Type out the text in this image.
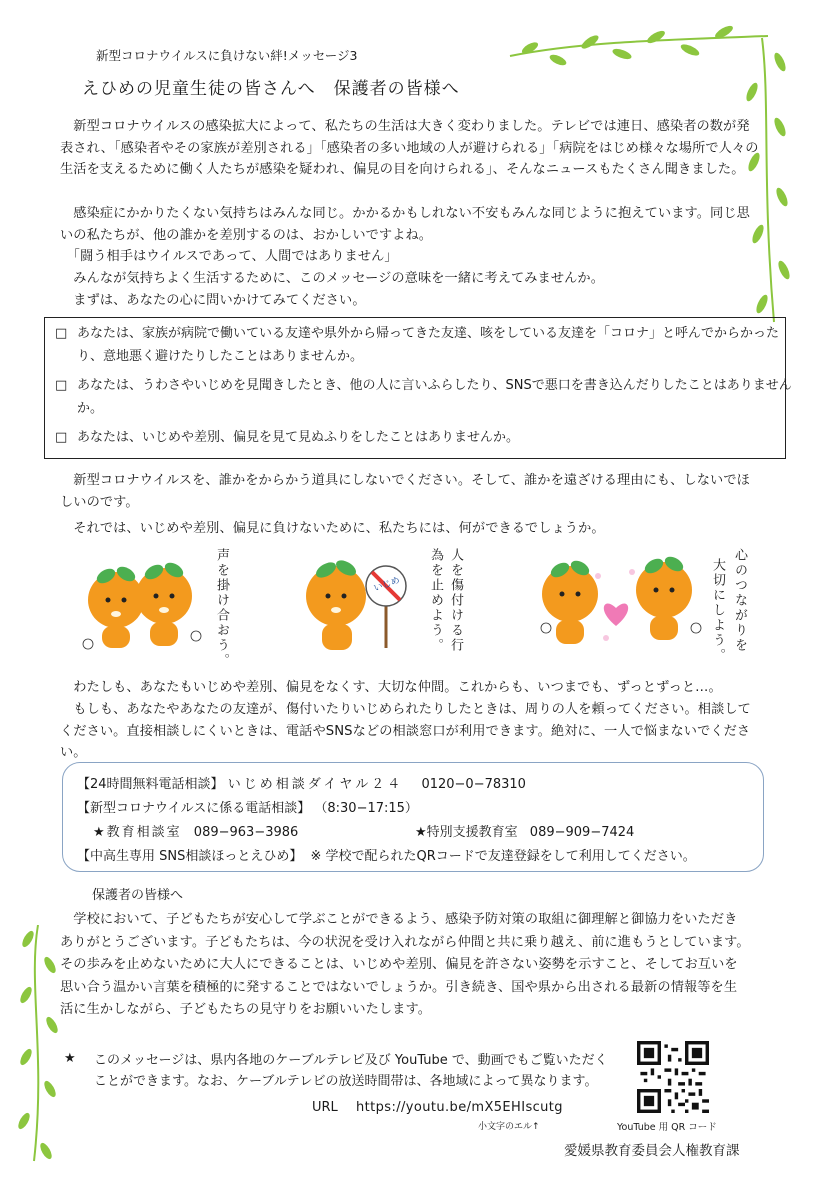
新型コロナウイルスに負けない絆!メッセージ3
えひめの児童生徒の皆さんへ　保護者の皆様へ
　新型コロナウイルスの感染拡大によって、私たちの生活は大きく変わりました。テレビでは連日、感染者の数が発表され、「感染者やその家族が差別される」「感染者の多い地域の人が避けられる」「病院をはじめ様々な場所で人々の生活を支えるために働く人たちが感染を疑われ、偏見の目を向けられる」、そんなニュースもたくさん聞きました。
　感染症にかかりたくない気持ちはみんな同じ。かかるかもしれない不安もみんな同じように抱えています。同じ思いの私たちが、他の誰かを差別するのは、おかしいですよね。
　「闘う相手はウイルスであって、人間ではありません」
　みんなが気持ちよく生活するために、このメッセージの意味を一緒に考えてみませんか。
　まずは、あなたの心に問いかけてみてください。
□ あなたは、家族が病院で働いている友達や県外から帰ってきた友達、咳をしている友達を「コロナ」と呼んでからかったり、意地悪く避けたりしたことはありませんか。
□ あなたは、うわさやいじめを見聞きしたとき、他の人に言いふらしたり、SNSで悪口を書き込んだりしたことはありませんか。
□ あなたは、いじめや差別、偏見を見て見ぬふりをしたことはありませんか。
　新型コロナウイルスを、誰かをからかう道具にしないでください。そして、誰かを遠ざける理由にも、しないでほしいのです。
　それでは、いじめや差別、偏見に負けないために、私たちには、何ができるでしょうか。
声を掛け合おう。	いじめ	人を傷付ける行
為を止めよう。	心のつながりを
大切にしよう。
　わたしも、あなたもいじめや差別、偏見をなくす、大切な仲間。これからも、いつまでも、ずっとずっと…。
　もしも、あなたやあなたの友達が、傷付いたりいじめられたりしたときは、周りの人を頼ってください。相談してください。直接相談しにくいときは、電話やSNSなどの相談窓口が利用できます。絶対に、一人で悩まないでください。
【24時間無料電話相談】 いじめ相談ダイヤル２４ 0120−0−78310
【新型コロナウイルスに係る電話相談】 （8:30−17:15）
★教育相談室 089−963−3986	★特別支援教育室 089−909−7424
【中高生専用 SNS相談ほっとえひめ】 ※ 学校で配られたQRコードで友達登録をして利用してください。
保護者の皆様へ
　学校において、子どもたちが安心して学ぶことができるよう、感染予防対策の取組に御理解と御協力をいただきありがとうございます。子どもたちは、今の状況を受け入れながら仲間と共に乗り越え、前に進もうとしています。その歩みを止めないために大人にできることは、いじめや差別、偏見を許さない姿勢を示すこと、そしてお互いを思い合う温かい言葉を積極的に発することではないでしょうか。引き続き、国や県から出される最新の情報等を生活に生かしながら、子どもたちの見守りをお願いいたします。
★ このメッセージは、県内各地のケーブルテレビ及び YouTube で、動画でもご覧いただくことができます。なお、ケーブルテレビの放送時間帯は、各地域によって異なります。
URL https://youtu.be/mX5EHIscutg
小文字のエル↑	YouTube 用 QR コード
愛媛県教育委員会人権教育課
